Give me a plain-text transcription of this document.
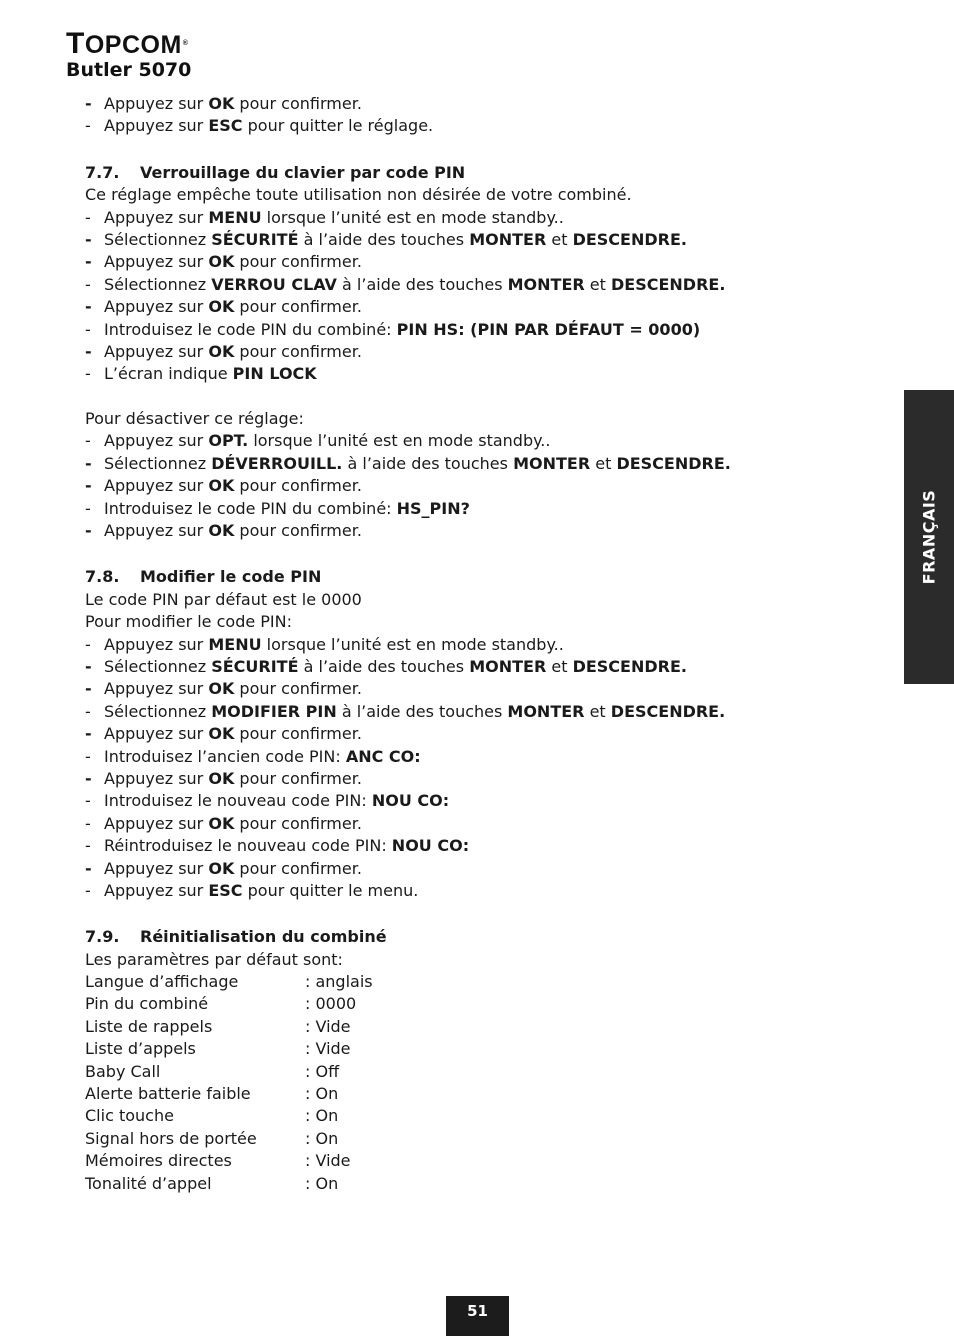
TOPCOM®
Butler 5070
- Appuyez sur OK pour confirmer.
- Appuyez sur ESC pour quitter le réglage.
7.7. Verrouillage du clavier par code PIN
Ce réglage empêche toute utilisation non désirée de votre combiné.
- Appuyez sur MENU lorsque l’unité est en mode standby..
- Sélectionnez SÉCURITÉ à l’aide des touches MONTER et DESCENDRE.
- Appuyez sur OK pour confirmer.
- Sélectionnez VERROU CLAV à l’aide des touches MONTER et DESCENDRE.
- Appuyez sur OK pour confirmer.
- Introduisez le code PIN du combiné: PIN HS: (PIN PAR DÉFAUT = 0000)
- Appuyez sur OK pour confirmer.
- L’écran indique PIN LOCK
Pour désactiver ce réglage:
- Appuyez sur OPT. lorsque l’unité est en mode standby..
- Sélectionnez DÉVERROUILL. à l’aide des touches MONTER et DESCENDRE.
- Appuyez sur OK pour confirmer.
- Introduisez le code PIN du combiné: HS_PIN?
- Appuyez sur OK pour confirmer.
7.8. Modifier le code PIN
Le code PIN par défaut est le 0000
Pour modifier le code PIN:
- Appuyez sur MENU lorsque l’unité est en mode standby..
- Sélectionnez SÉCURITÉ à l’aide des touches MONTER et DESCENDRE.
- Appuyez sur OK pour confirmer.
- Sélectionnez MODIFIER PIN à l’aide des touches MONTER et DESCENDRE.
- Appuyez sur OK pour confirmer.
- Introduisez l’ancien code PIN: ANC CO:
- Appuyez sur OK pour confirmer.
- Introduisez le nouveau code PIN: NOU CO:
- Appuyez sur OK pour confirmer.
- Réintroduisez le nouveau code PIN: NOU CO:
- Appuyez sur OK pour confirmer.
- Appuyez sur ESC pour quitter le menu.
7.9. Réinitialisation du combiné
Les paramètres par défaut sont:
Langue d’affichage	: anglais
Pin du combiné	: 0000
Liste de rappels	: Vide
Liste d’appels	: Vide
Baby Call	: Off
Alerte batterie faible	: On
Clic touche	: On
Signal hors de portée	: On
Mémoires directes	: Vide
Tonalité d’appel	: On
FRANÇAIS
51
